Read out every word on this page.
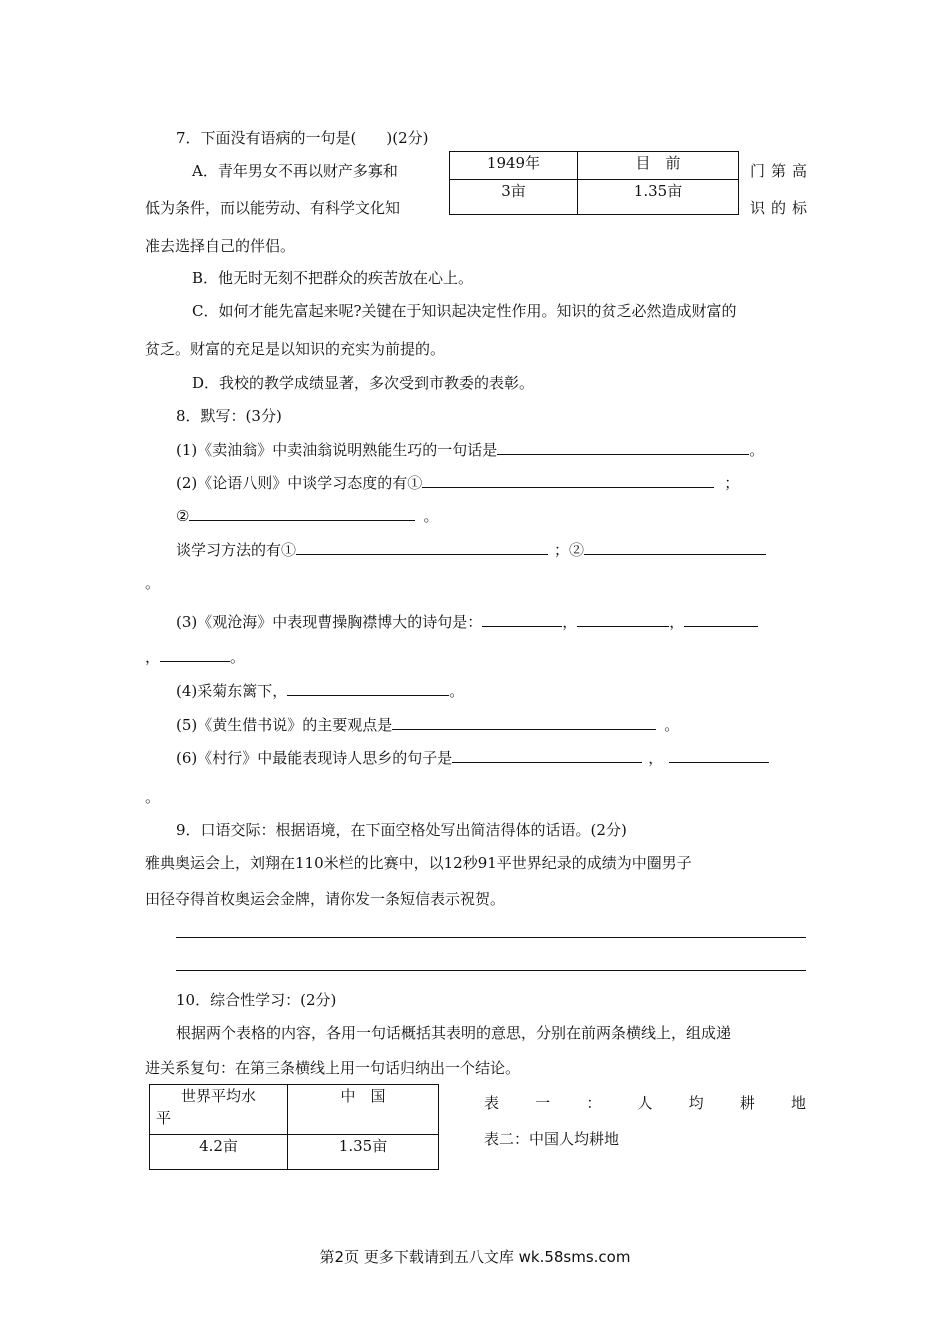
7．下面没有语病的一句是(　　)(2分)
A．青年男女不再以财产多寡和	门第高
1949年	目　前
3亩	1.35亩
低为条件，而以能劳动、有科学文化知	识的标
准去选择自己的伴侣。
B．他无时无刻不把群众的疾苦放在心上。
C．如何才能先富起来呢?关键在于知识起决定性作用。知识的贫乏必然造成财富的
贫乏。财富的充足是以知识的充实为前提的。
D．我校的教学成绩显著，多次受到市教委的表彰。
8．默写：(3分)
(1)《卖油翁》中卖油翁说明熟能生巧的一句话是	。
(2)《论语八则》中谈学习态度的有①	；
②	。
谈学习方法的有①	；②
。
(3)《观沧海》中表现曹操胸襟博大的诗句是：	，	，
，	。
(4)采菊东篱下，	。
(5)《黄生借书说》的主要观点是	。
(6)《村行》中最能表现诗人思乡的句子是	，
。
9．口语交际：根据语境，在下面空格处写出简洁得体的话语。(2分)
雅典奥运会上，刘翔在110米栏的比赛中，以12秒91平世界纪录的成绩为中圈男子
田径夺得首枚奥运会金牌，请你发一条短信表示祝贺。
10．综合性学习：(2分)
根据两个表格的内容，各用一句话概括其表明的意思，分别在前两条横线上，组成递
进关系复句：在第三条横线上用一句话归纳出一个结论。
世界平均水
平	中　国
4.2亩	1.35亩
表 一 ： 人 均 耕 地
表二：中国人均耕地
第2页 更多下载请到五八文库 wk.58sms.com
